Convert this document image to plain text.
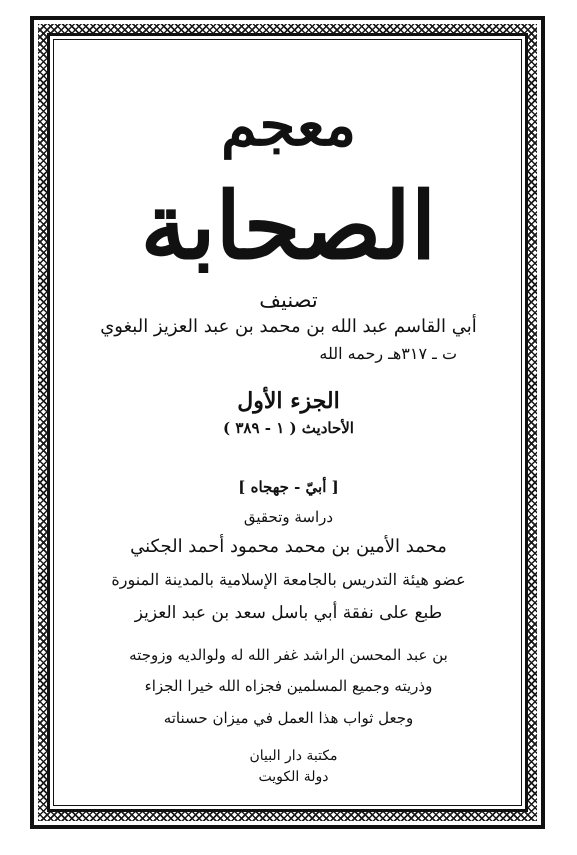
معجم
الصحابة
تصنيف
أبي القاسم عبد الله بن محمد بن عبد العزيز البغوي
ت ـ ٣١٧هـ رحمه الله
الجزء الأول
الأحاديث ( ١ - ٣٨٩ )
[ أبيّ - جهجاه ]
دراسة وتحقيق
محمد الأمين بن محمد محمود أحمد الجكني
عضو هيئة التدريس بالجامعة الإسلامية بالمدينة المنورة
طبع على نفقة أبي باسل سعد بن عبد العزيز
بن عبد المحسن الراشد غفر الله له ولوالديه وزوجته
وذريته وجميع المسلمين فجزاه الله خيرا الجزاء
وجعل ثواب هذا العمل في ميزان حسناته
مكتبة دار البيان
دولة الكويت
